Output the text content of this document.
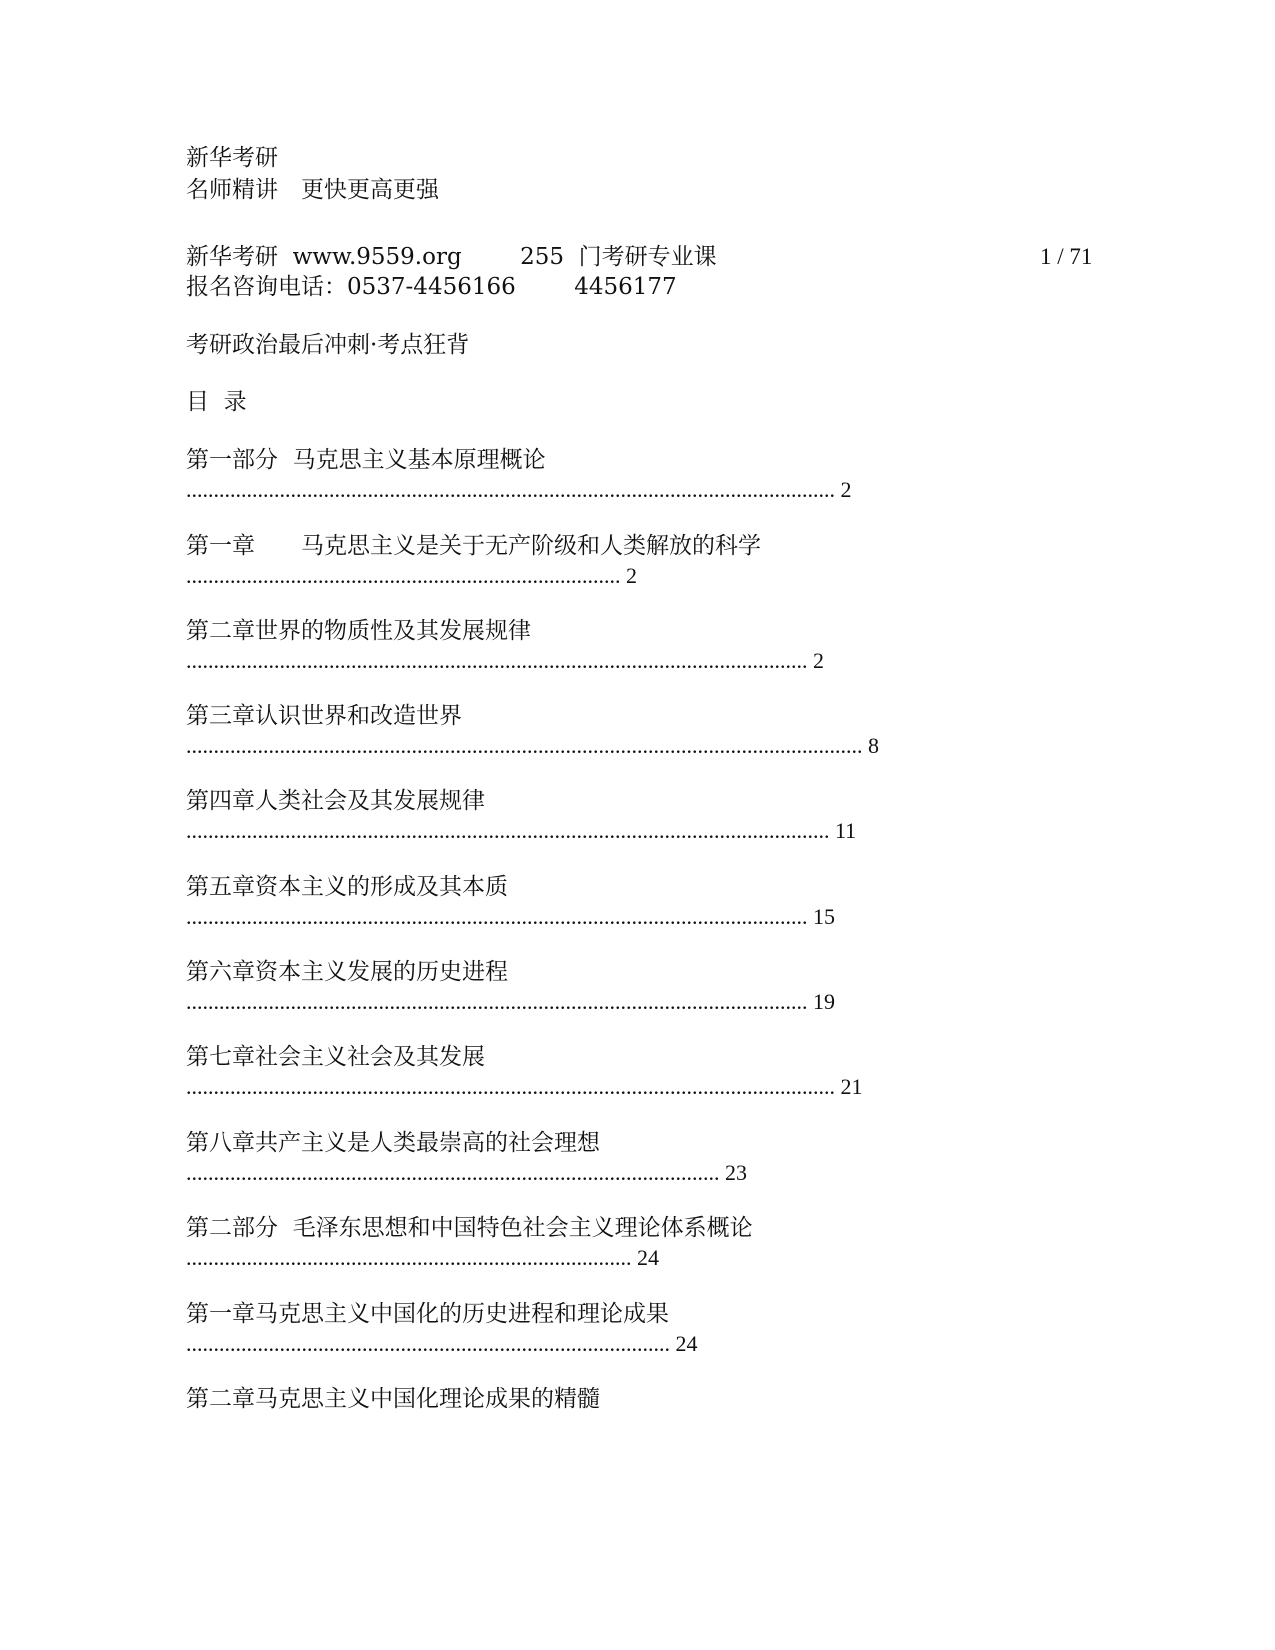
新华考研
名师精讲　更快更高更强
新华考研  www.9559.org        255  门考研专业课	1 / 71
报名咨询电话：0537-4456166        4456177
考研政治最后冲刺·考点狂背
目  录
第一部分  马克思主义基本原理概论
...................................................................................................................... 2
第一章　　马克思主义是关于无产阶级和人类解放的科学
............................................................................... 2
第二章世界的物质性及其发展规律
................................................................................................................. 2
第三章认识世界和改造世界
........................................................................................................................... 8
第四章人类社会及其发展规律
..................................................................................................................... 11
第五章资本主义的形成及其本质
................................................................................................................. 15
第六章资本主义发展的历史进程
................................................................................................................. 19
第七章社会主义社会及其发展
...................................................................................................................... 21
第八章共产主义是人类最崇高的社会理想
................................................................................................. 23
第二部分  毛泽东思想和中国特色社会主义理论体系概论
................................................................................. 24
第一章马克思主义中国化的历史进程和理论成果
........................................................................................ 24
第二章马克思主义中国化理论成果的精髓
